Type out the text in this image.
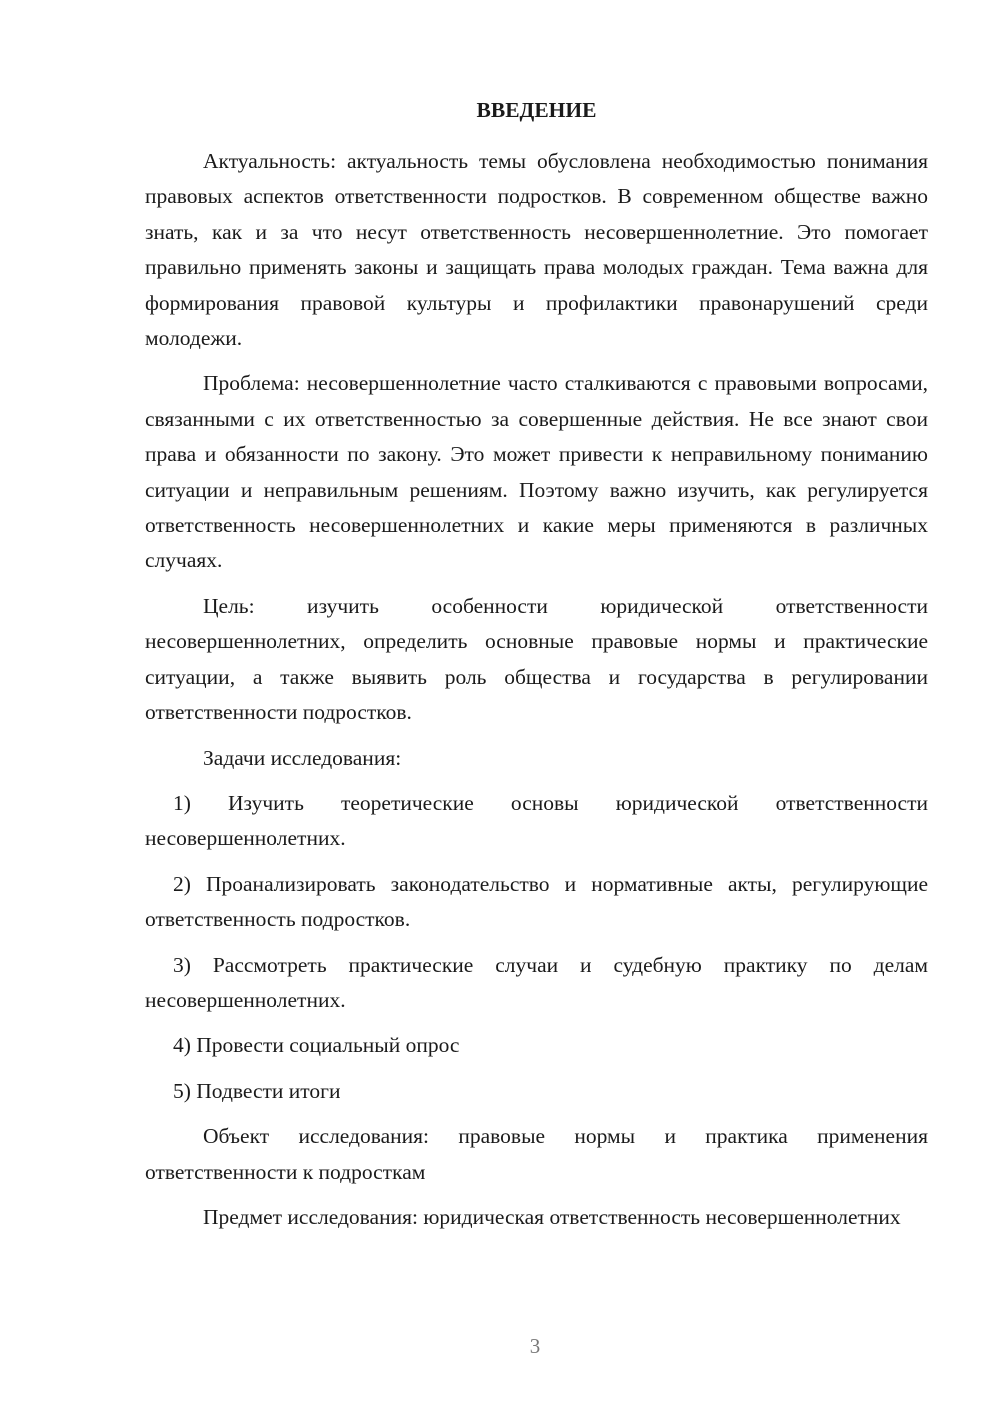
ВВЕДЕНИЕ

Актуальность: актуальность темы обусловлена необходимостью понимания правовых аспектов ответственности подростков. В современном обществе важно знать, как и за что несут ответственность несовершеннолетние. Это помогает правильно применять законы и защищать права молодых граждан. Тема важна для формирования правовой культуры и профилактики правонарушений среди молодежи.

Проблема: несовершеннолетние часто сталкиваются с правовыми вопросами, связанными с их ответственностью за совершенные действия. Не все знают свои права и обязанности по закону. Это может привести к неправильному пониманию ситуации и неправильным решениям. Поэтому важно изучить, как регулируется ответственность несовершеннолетних и какие меры применяются в различных случаях.

Цель: изучить особенности юридической ответственности несовершеннолетних, определить основные правовые нормы и практические ситуации, а также выявить роль общества и государства в регулировании ответственности подростков.

Задачи исследования:

1) Изучить теоретические основы юридической ответственности несовершеннолетних.

2) Проанализировать законодательство и нормативные акты, регулирующие ответственность подростков.

3) Рассмотреть практические случаи и судебную практику по делам несовершеннолетних.

4) Провести социальный опрос

5) Подвести итоги

Объект исследования: правовые нормы и практика применения ответственности к подросткам

Предмет исследования: юридическая ответственность несовершеннолетних

3
